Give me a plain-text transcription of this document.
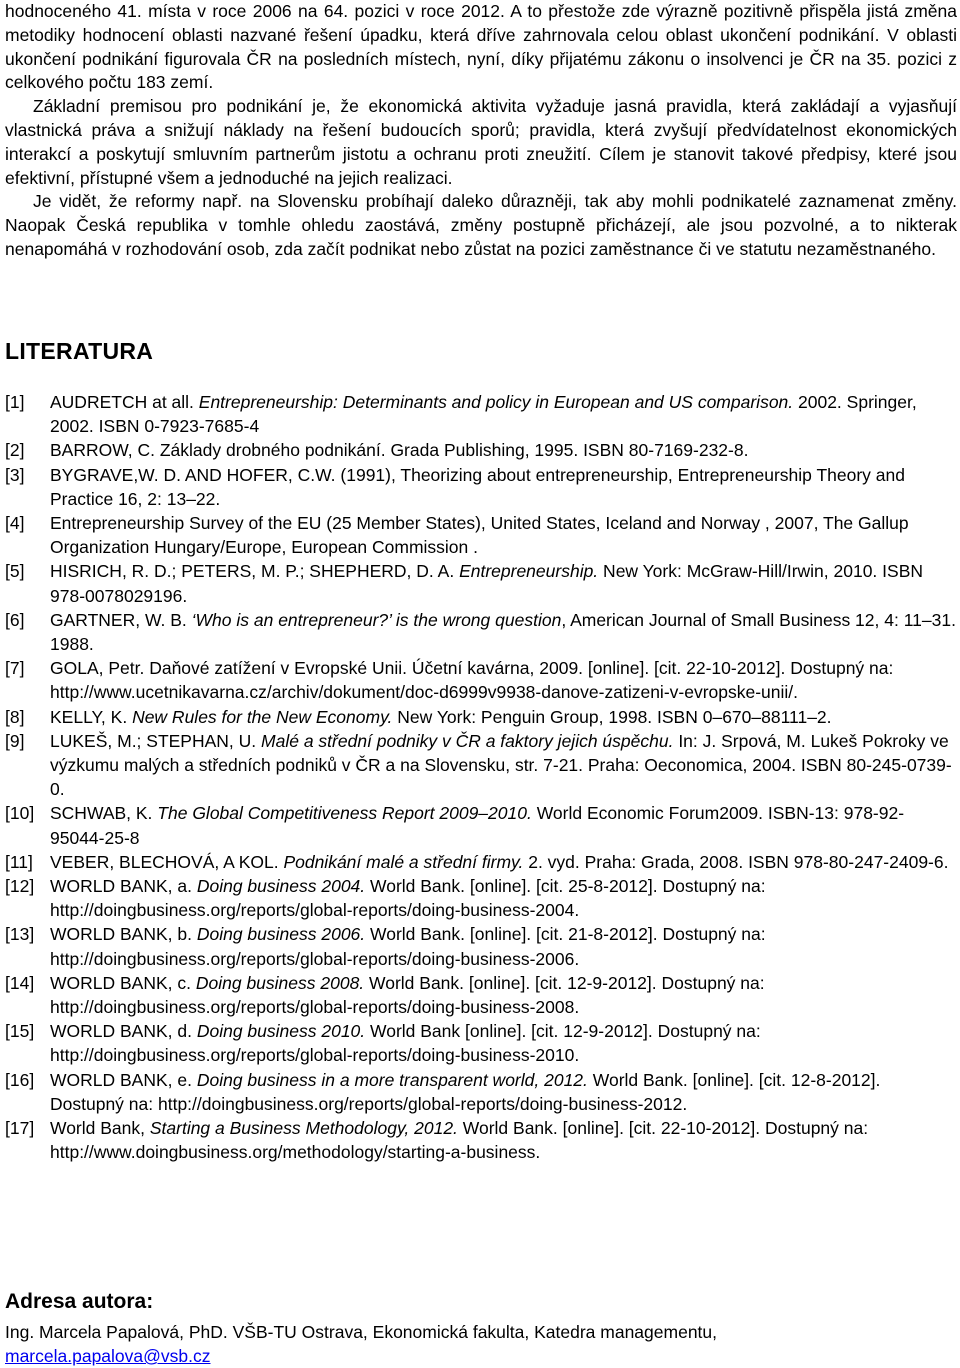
hodnoceného 41. místa v roce 2006 na 64. pozici v roce 2012. A to přestože zde výrazně pozitivně přispěla jistá změna metodiky hodnocení oblasti nazvané řešení úpadku, která dříve zahrnovala celou oblast ukončení podnikání. V oblasti ukončení podnikání figurovala ČR na posledních místech, nyní, díky přijatému zákonu o insolvenci je ČR na 35. pozici z celkového počtu 183 zemí.

Základní premisou pro podnikání je, že ekonomická aktivita vyžaduje jasná pravidla, která zakládají a vyjasňují vlastnická práva a snižují náklady na řešení budoucích sporů; pravidla, která zvyšují předvídatelnost ekonomických interakcí a poskytují smluvním partnerům jistotu a ochranu proti zneužití. Cílem je stanovit takové předpisy, které jsou efektivní, přístupné všem a jednoduché na jejich realizaci.

Je vidět, že reformy např. na Slovensku probíhají daleko důrazněji, tak aby mohli podnikatelé zaznamenat změny. Naopak Česká republika v tomhle ohledu zaostává, změny postupně přicházejí, ale jsou pozvolné, a to nikterak nenapomáhá v rozhodování osob, zda začít podnikat nebo zůstat na pozici zaměstnance či ve statutu nezaměstnaného.

LITERATURA
[1]	AUDRETCH at all. Entrepreneurship: Determinants and policy in European and US comparison. 2002. Springer, 2002. ISBN 0-7923-7685-4
[2]	BARROW, C. Základy drobného podnikání. Grada Publishing, 1995. ISBN 80-7169-232-8.
[3]	BYGRAVE,W. D. AND HOFER, C.W. (1991), Theorizing about entrepreneurship, Entrepreneurship Theory and Practice 16, 2: 13–22.
[4]	Entrepreneurship Survey of the EU (25 Member States), United States, Iceland and Norway , 2007, The Gallup Organization Hungary/Europe, European Commission .
[5]	HISRICH, R. D.; PETERS, M. P.; SHEPHERD, D. A. Entrepreneurship. New York: McGraw-Hill/Irwin, 2010. ISBN 978-0078029196.
[6]	GARTNER, W. B. ‘Who is an entrepreneur?’ is the wrong question, American Journal of Small Business 12, 4: 11–31. 1988.
[7]	GOLA, Petr. Daňové zatížení v Evropské Unii. Účetní kavárna, 2009. [online]. [cit. 22-10-2012]. Dostupný na: http://www.ucetnikavarna.cz/archiv/dokument/doc-d6999v9938-danove-zatizeni-v-evropske-unii/.
[8]	KELLY, K. New Rules for the New Economy. New York: Penguin Group, 1998. ISBN 0–670–88111–2.
[9]	LUKEŠ, M.; STEPHAN, U. Malé a střední podniky v ČR a faktory jejich úspěchu. In: J. Srpová, M. Lukeš Pokroky ve výzkumu malých a středních podniků v ČR a na Slovensku, str. 7-21. Praha: Oeconomica, 2004. ISBN 80-245-0739-0.
[10] SCHWAB, K. The Global Competitiveness Report 2009–2010. World Economic Forum2009. ISBN-13: 978-92-95044-25-8
[11] VEBER, BLECHOVÁ, A KOL. Podnikání malé a střední firmy. 2. vyd. Praha: Grada, 2008. ISBN 978-80-247-2409-6.
[12] WORLD BANK, a. Doing business 2004. World Bank. [online]. [cit. 25-8-2012]. Dostupný na: http://doingbusiness.org/reports/global-reports/doing-business-2004.
[13] WORLD BANK, b. Doing business 2006. World Bank. [online]. [cit. 21-8-2012]. Dostupný na: http://doingbusiness.org/reports/global-reports/doing-business-2006.
[14] WORLD BANK, c. Doing business 2008. World Bank. [online]. [cit. 12-9-2012]. Dostupný na: http://doingbusiness.org/reports/global-reports/doing-business-2008.
[15] WORLD BANK, d. Doing business 2010. World Bank [online]. [cit. 12-9-2012]. Dostupný na: http://doingbusiness.org/reports/global-reports/doing-business-2010.
[16] WORLD BANK, e. Doing business in a more transparent world, 2012. World Bank. [online]. [cit. 12-8-2012]. Dostupný na: http://doingbusiness.org/reports/global-reports/doing-business-2012.
[17] World Bank, Starting a Business Methodology, 2012. World Bank. [online]. [cit. 22-10-2012]. Dostupný na: http://www.doingbusiness.org/methodology/starting-a-business.
Adresa autora:
Ing. Marcela Papalová, PhD. VŠB-TU Ostrava, Ekonomická fakulta, Katedra managementu,
marcela.papalova@vsb.cz
